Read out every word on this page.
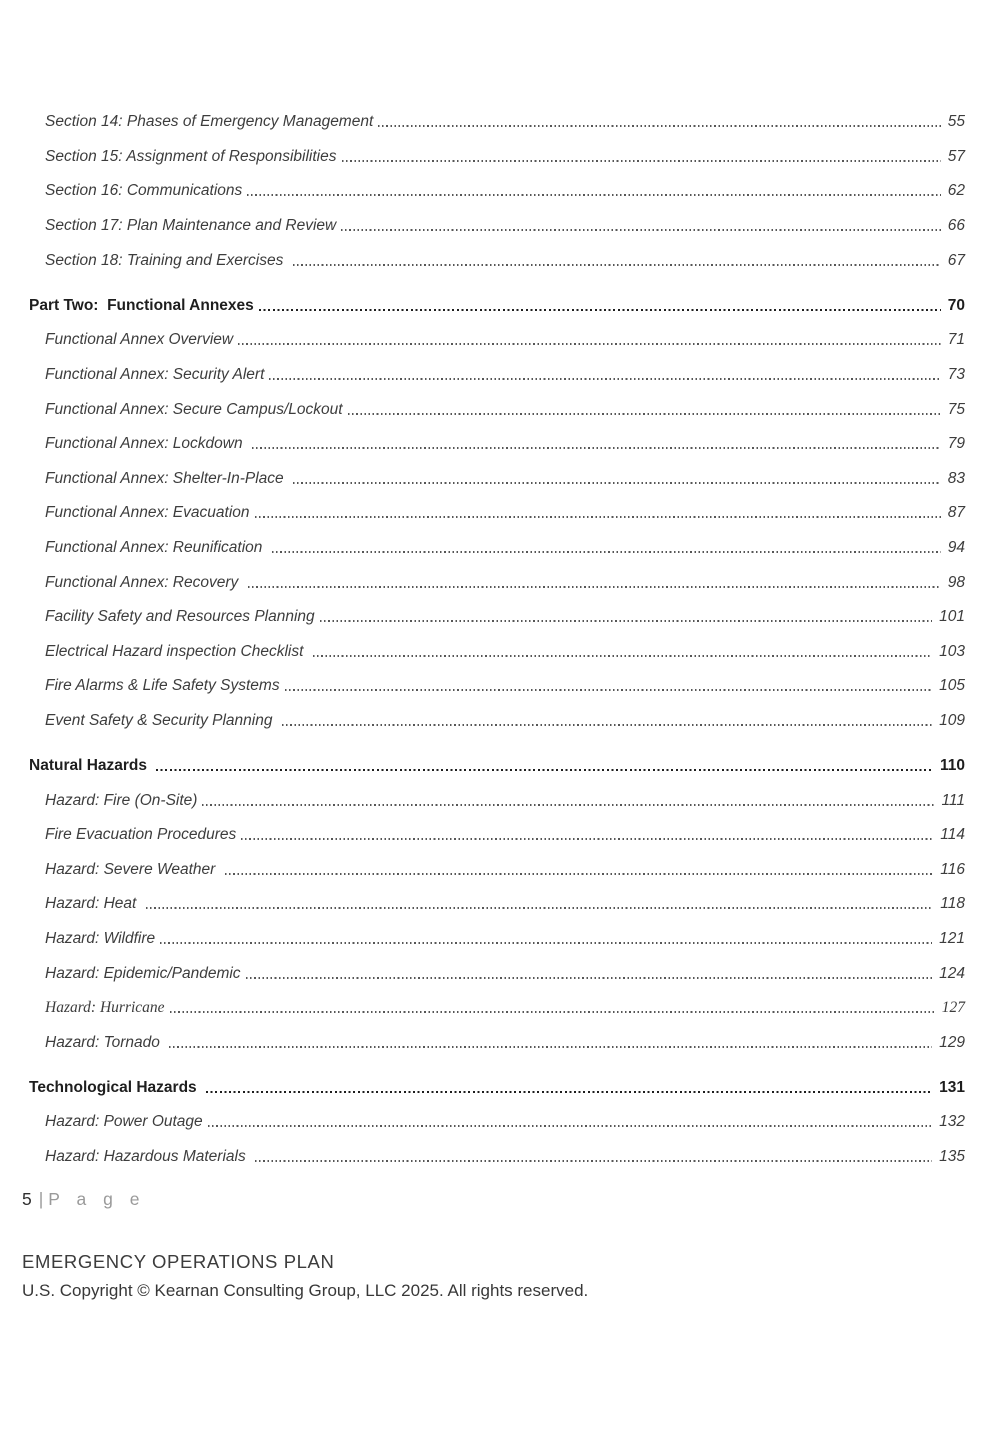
Section 14: Phases of Emergency Management	55
Section 15: Assignment of Responsibilities	57
Section 16: Communications	62
Section 17: Plan Maintenance and Review	66
Section 18: Training and Exercises	67
Part Two:  Functional Annexes	70
Functional Annex Overview	71
Functional Annex: Security Alert	73
Functional Annex: Secure Campus/Lockout	75
Functional Annex: Lockdown	79
Functional Annex: Shelter-In-Place	83
Functional Annex: Evacuation	87
Functional Annex: Reunification	94
Functional Annex: Recovery	98
Facility Safety and Resources Planning	101
Electrical Hazard inspection Checklist	103
Fire Alarms & Life Safety Systems	105
Event Safety & Security Planning	109
Natural Hazards	110
Hazard: Fire (On-Site)	111
Fire Evacuation Procedures	114
Hazard: Severe Weather	116
Hazard: Heat	118
Hazard: Wildfire	121
Hazard: Epidemic/Pandemic	124
Hazard: Hurricane	127
Hazard: Tornado	129
Technological Hazards	131
Hazard: Power Outage	132
Hazard: Hazardous Materials	135
5 | P a g e
EMERGENCY OPERATIONS PLAN
U.S. Copyright © Kearnan Consulting Group, LLC 2025. All rights reserved.
